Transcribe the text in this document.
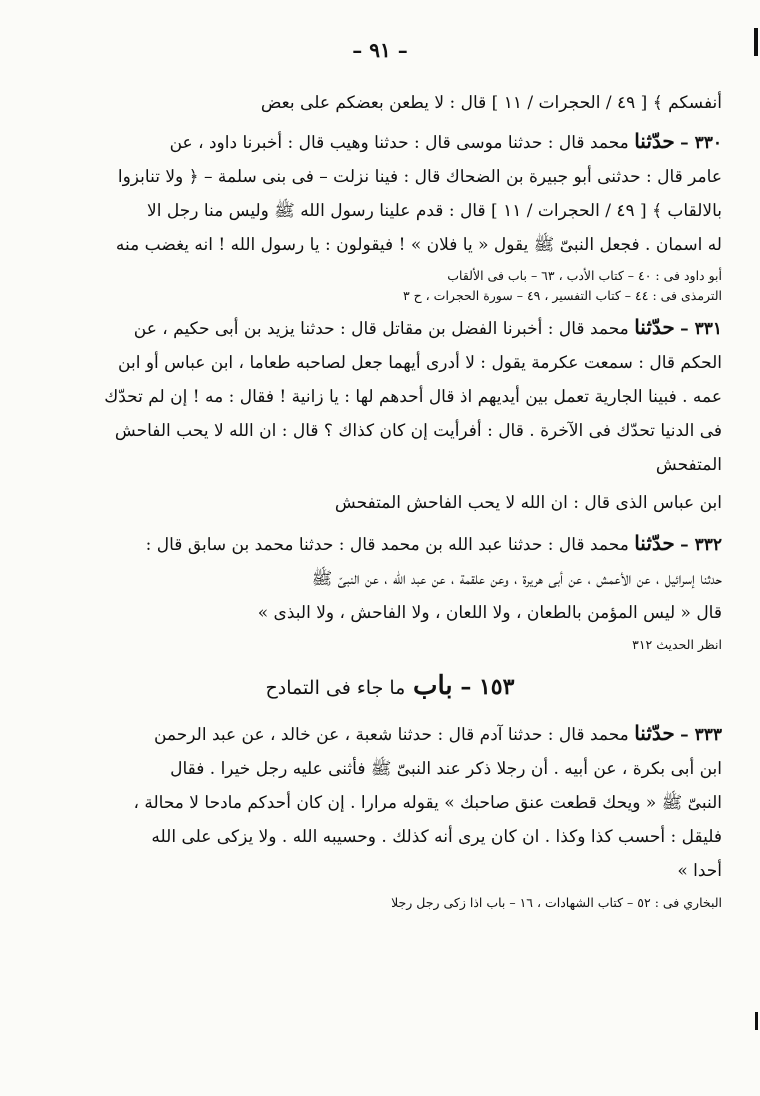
– ٩١ –

أنفسكم ﴾ [ ٤٩ / الحجرات / ١١ ] قال : لا يطعن بعضكم على بعض

٣٣٠ – حدّثنا محمد قال : حدثنا موسى قال : حدثنا وهيب قال : أخبرنا داود ، عن
عامر قال : حدثنى أبو جبيرة بن الضحاك قال : فينا نزلت – فى بنى سلمة – ﴿ ولا تنابزوا
بالالقاب ﴾ [ ٤٩ / الحجرات / ١١ ] قال : قدم علينا رسول الله ﷺ وليس منا رجل الا
له اسمان . فجعل النبىّ ﷺ يقول « يا فلان » ! فيقولون : يا رسول الله ! انه يغضب منه
أبو داود فى : ٤٠ – كتاب الأدب ، ٦٣ – باب فى الألقاب
الترمذى فى : ٤٤ – كتاب التفسير ، ٤٩ – سورة الحجرات ، ح ٣
٣٣١ – حدّثنا محمد قال : أخبرنا الفضل بن مقاتل قال : حدثنا يزيد بن أبى حكيم ، عن
الحكم قال : سمعت عكرمة يقول : لا أدرى أيهما جعل لصاحبه طعاما ، ابن عباس أو ابن
عمه . فبينا الجارية تعمل بين أيديهم اذ قال أحدهم لها : يا زانية ! فقال : مه ! إن لم تحدّك
فى الدنيا تحدّك فى الآخرة . قال : أفرأيت إن كان كذاك ؟ قال : ان الله لا يحب الفاحش
المتفحش
ابن عباس الذى قال : ان الله لا يحب الفاحش المتفحش
٣٣٢ – حدّثنا محمد قال : حدثنا عبد الله بن محمد قال : حدثنا محمد بن سابق قال :
حدثنا إسرائيل ، عن الأعمش ، عن أبى هريرة ، وعن علقمة ، عن عبد الله ، عن النبىّ ﷺ
قال « ليس المؤمن بالطعان ، ولا اللعان ، ولا الفاحش ، ولا البذى »
انظر الحديث ٣١٢
١٥٣ – باب ما جاء فى التمادح
٣٣٣ – حدّثنا محمد قال : حدثنا آدم قال : حدثنا شعبة ، عن خالد ، عن عبد الرحمن
ابن أبى بكرة ، عن أبيه . أن رجلا ذكر عند النبىّ ﷺ فأثنى عليه رجل خيرا . فقال
النبىّ ﷺ « ويحك قطعت عنق صاحبك » يقوله مرارا . إن كان أحدكم مادحا لا محالة ،
فليقل : أحسب كذا وكذا . ان كان يرى أنه كذلك . وحسيبه الله . ولا يزكى على الله
أحدا »
البخاري فى : ٥٢ – كتاب الشهادات ، ١٦ – باب اذا زكى رجل رجلا
